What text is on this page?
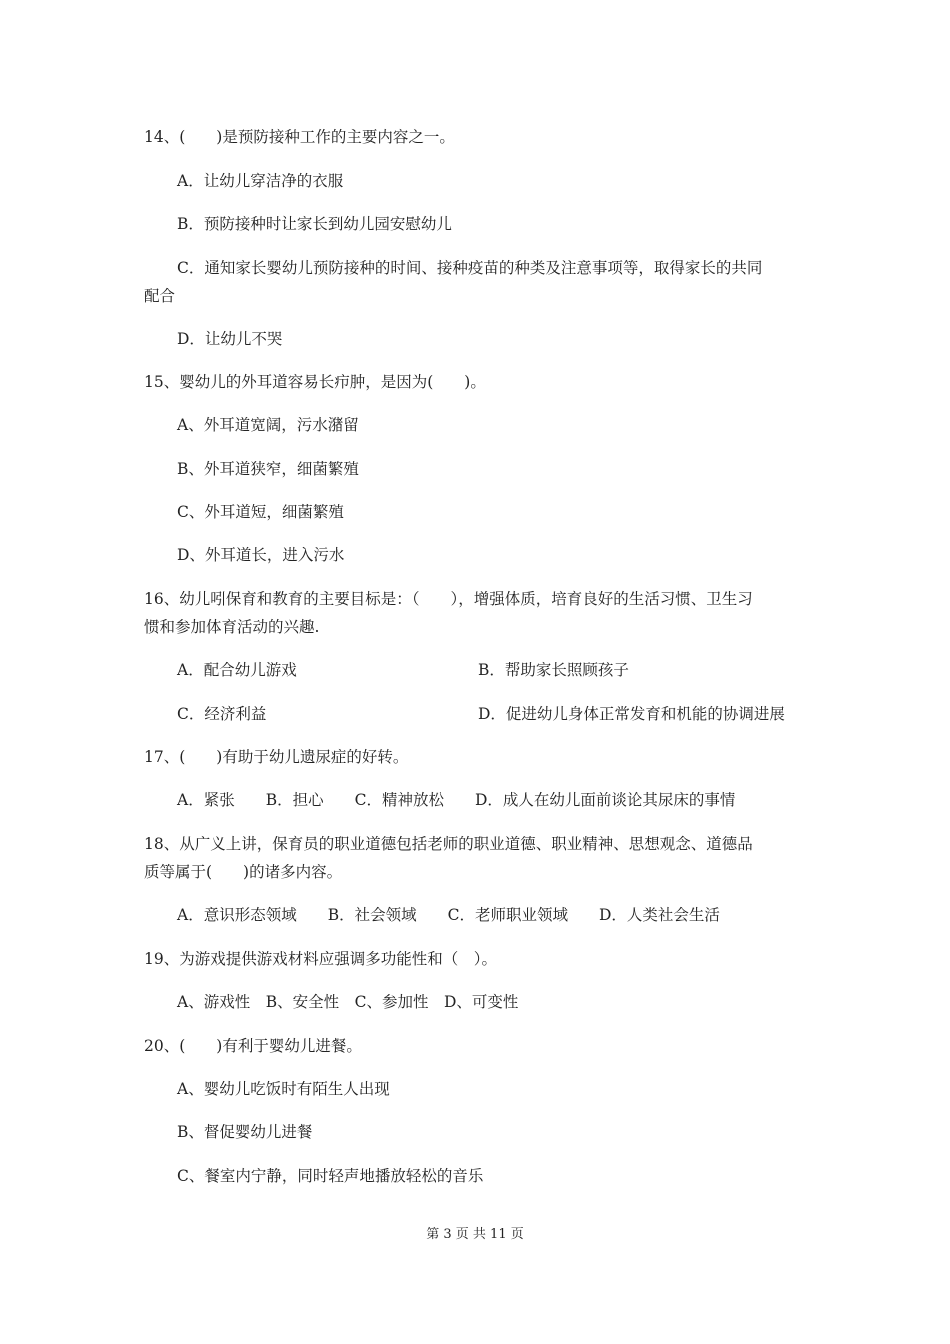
14、(　　)是预防接种工作的主要内容之一。
A．让幼儿穿洁净的衣服
B．预防接种时让家长到幼儿园安慰幼儿
C．通知家长婴幼儿预防接种的时间、接种疫苗的种类及注意事项等，取得家长的共同
配合
D．让幼儿不哭
15、婴幼儿的外耳道容易长疖肿，是因为(　　)。
A、外耳道宽阔，污水潴留
B、外耳道狭窄，细菌繁殖
C、外耳道短，细菌繁殖
D、外耳道长，进入污水
16、幼儿吲保育和教育的主要目标是：（　　），增强体质，培育良好的生活习惯、卫生习
惯和参加体育活动的兴趣.
A．配合幼儿游戏	B．帮助家长照顾孩子
C．经济利益	D．促进幼儿身体正常发育和机能的协调进展
17、(　　)有助于幼儿遗尿症的好转。
A．紧张　　B．担心　　C．精神放松　　D．成人在幼儿面前谈论其尿床的事情
18、从广义上讲，保育员的职业道德包括老师的职业道德、职业精神、思想观念、道德品
质等属于(　　)的诸多内容。
A．意识形态领域　　B．社会领域　　C．老师职业领域　　D．人类社会生活
19、为游戏提供游戏材料应强调多功能性和（　）。
A、游戏性　B、安全性　C、参加性　D、可变性
20、(　　)有利于婴幼儿进餐。
A、婴幼儿吃饭时有陌生人出现
B、督促婴幼儿进餐
C、餐室内宁静，同时轻声地播放轻松的音乐
第 3 页 共 11 页
